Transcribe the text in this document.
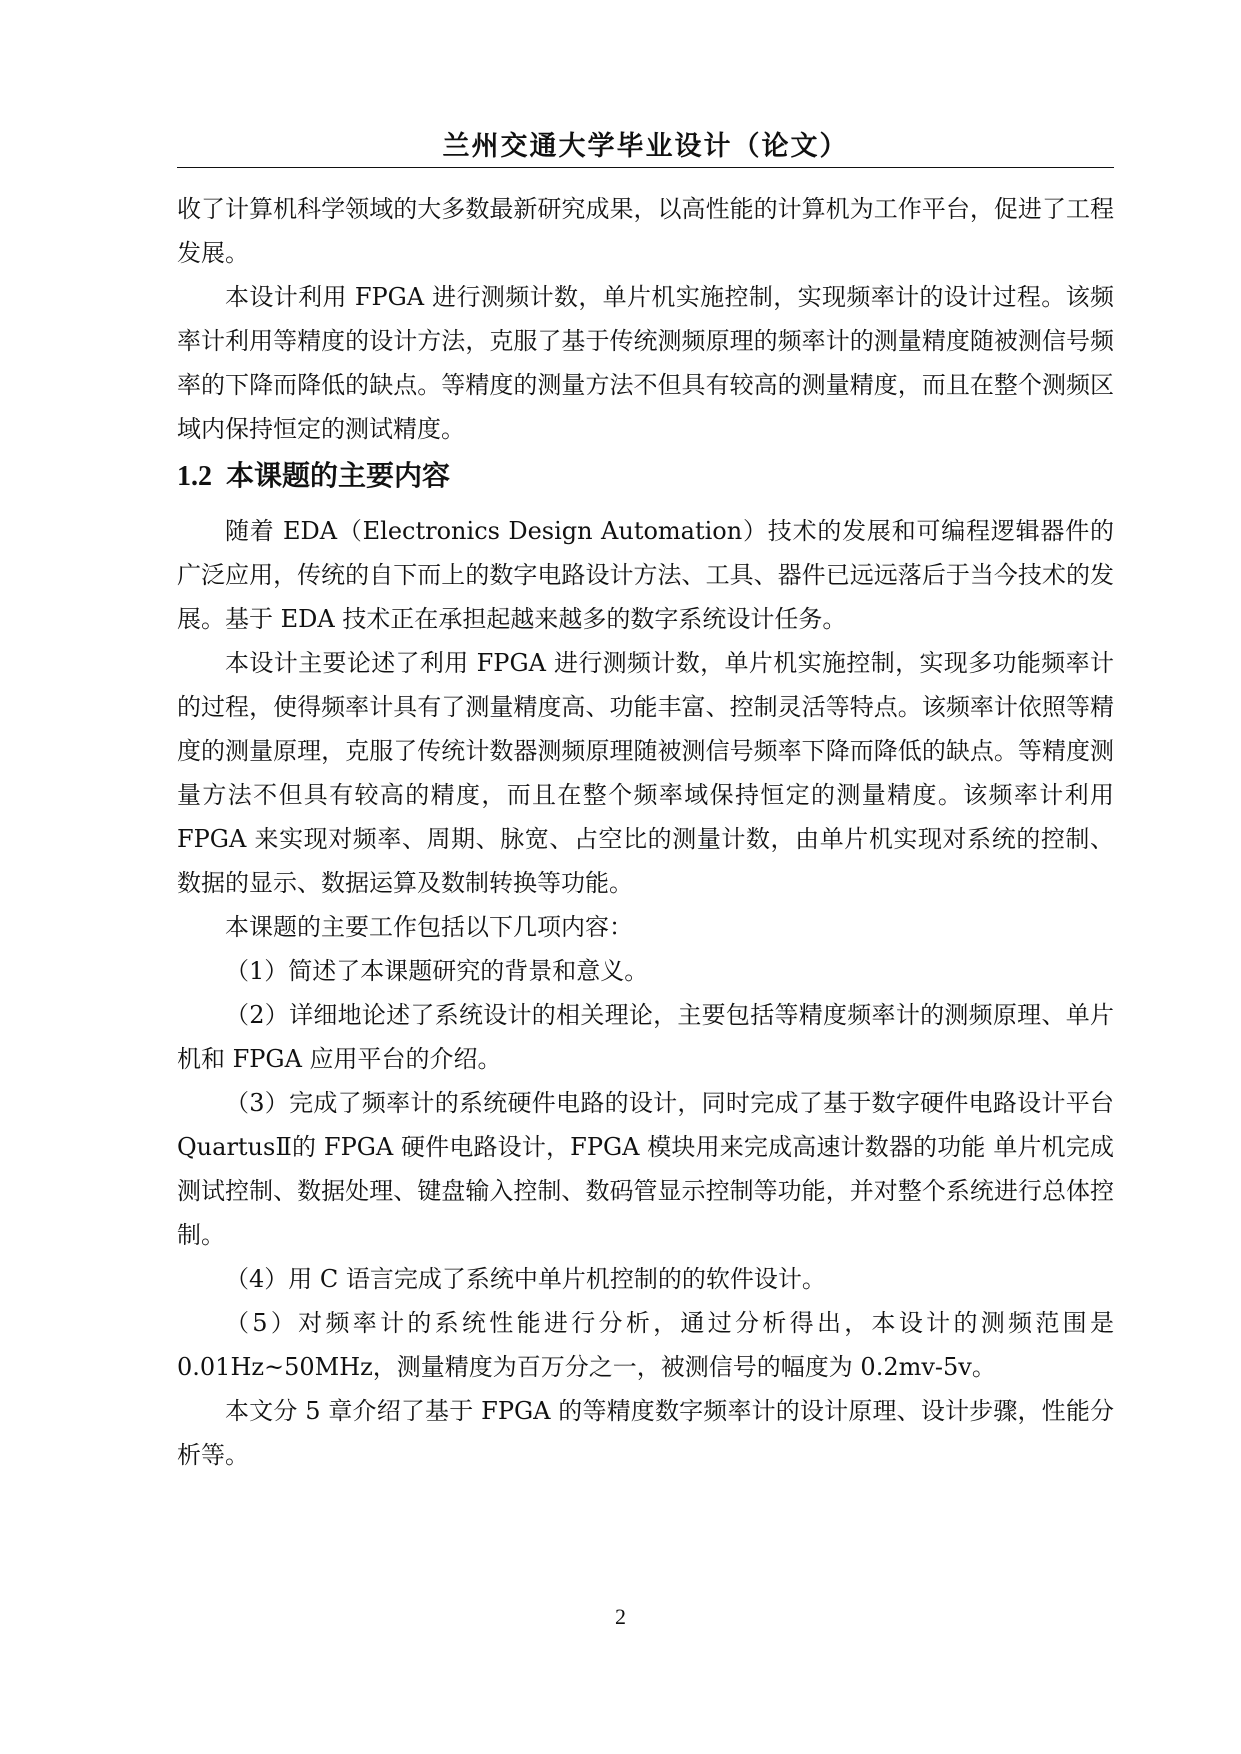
兰州交通大学毕业设计（论文）

收了计算机科学领域的大多数最新研究成果，以高性能的计算机为工作平台，促进了工程发展。

本设计利用 FPGA 进行测频计数，单片机实施控制，实现频率计的设计过程。该频率计利用等精度的设计方法，克服了基于传统测频原理的频率计的测量精度随被测信号频率的下降而降低的缺点。等精度的测量方法不但具有较高的测量精度，而且在整个测频区域内保持恒定的测试精度。

1.2 本课题的主要内容

随着 EDA（Electronics Design Automation）技术的发展和可编程逻辑器件的广泛应用，传统的自下而上的数字电路设计方法、工具、器件已远远落后于当今技术的发展。基于 EDA 技术正在承担起越来越多的数字系统设计任务。

本设计主要论述了利用 FPGA 进行测频计数，单片机实施控制，实现多功能频率计的过程，使得频率计具有了测量精度高、功能丰富、控制灵活等特点。该频率计依照等精度的测量原理，克服了传统计数器测频原理随被测信号频率下降而降低的缺点。等精度测量方法不但具有较高的精度，而且在整个频率域保持恒定的测量精度。该频率计利用 FPGA 来实现对频率、周期、脉宽、占空比的测量计数，由单片机实现对系统的控制、数据的显示、数据运算及数制转换等功能。

本课题的主要工作包括以下几项内容：

（1）简述了本课题研究的背景和意义。

（2）详细地论述了系统设计的相关理论，主要包括等精度频率计的测频原理、单片机和 FPGA 应用平台的介绍。

（3）完成了频率计的系统硬件电路的设计，同时完成了基于数字硬件电路设计平台 QuartusⅡ的 FPGA 硬件电路设计，FPGA 模块用来完成高速计数器的功能 单片机完成测试控制、数据处理、键盘输入控制、数码管显示控制等功能，并对整个系统进行总体控制。

（4）用 C 语言完成了系统中单片机控制的的软件设计。

（5）对频率计的系统性能进行分析，通过分析得出，本设计的测频范围是 0.01Hz~50MHz，测量精度为百万分之一，被测信号的幅度为 0.2mv-5v。

本文分 5 章介绍了基于 FPGA 的等精度数字频率计的设计原理、设计步骤，性能分析等。

2
